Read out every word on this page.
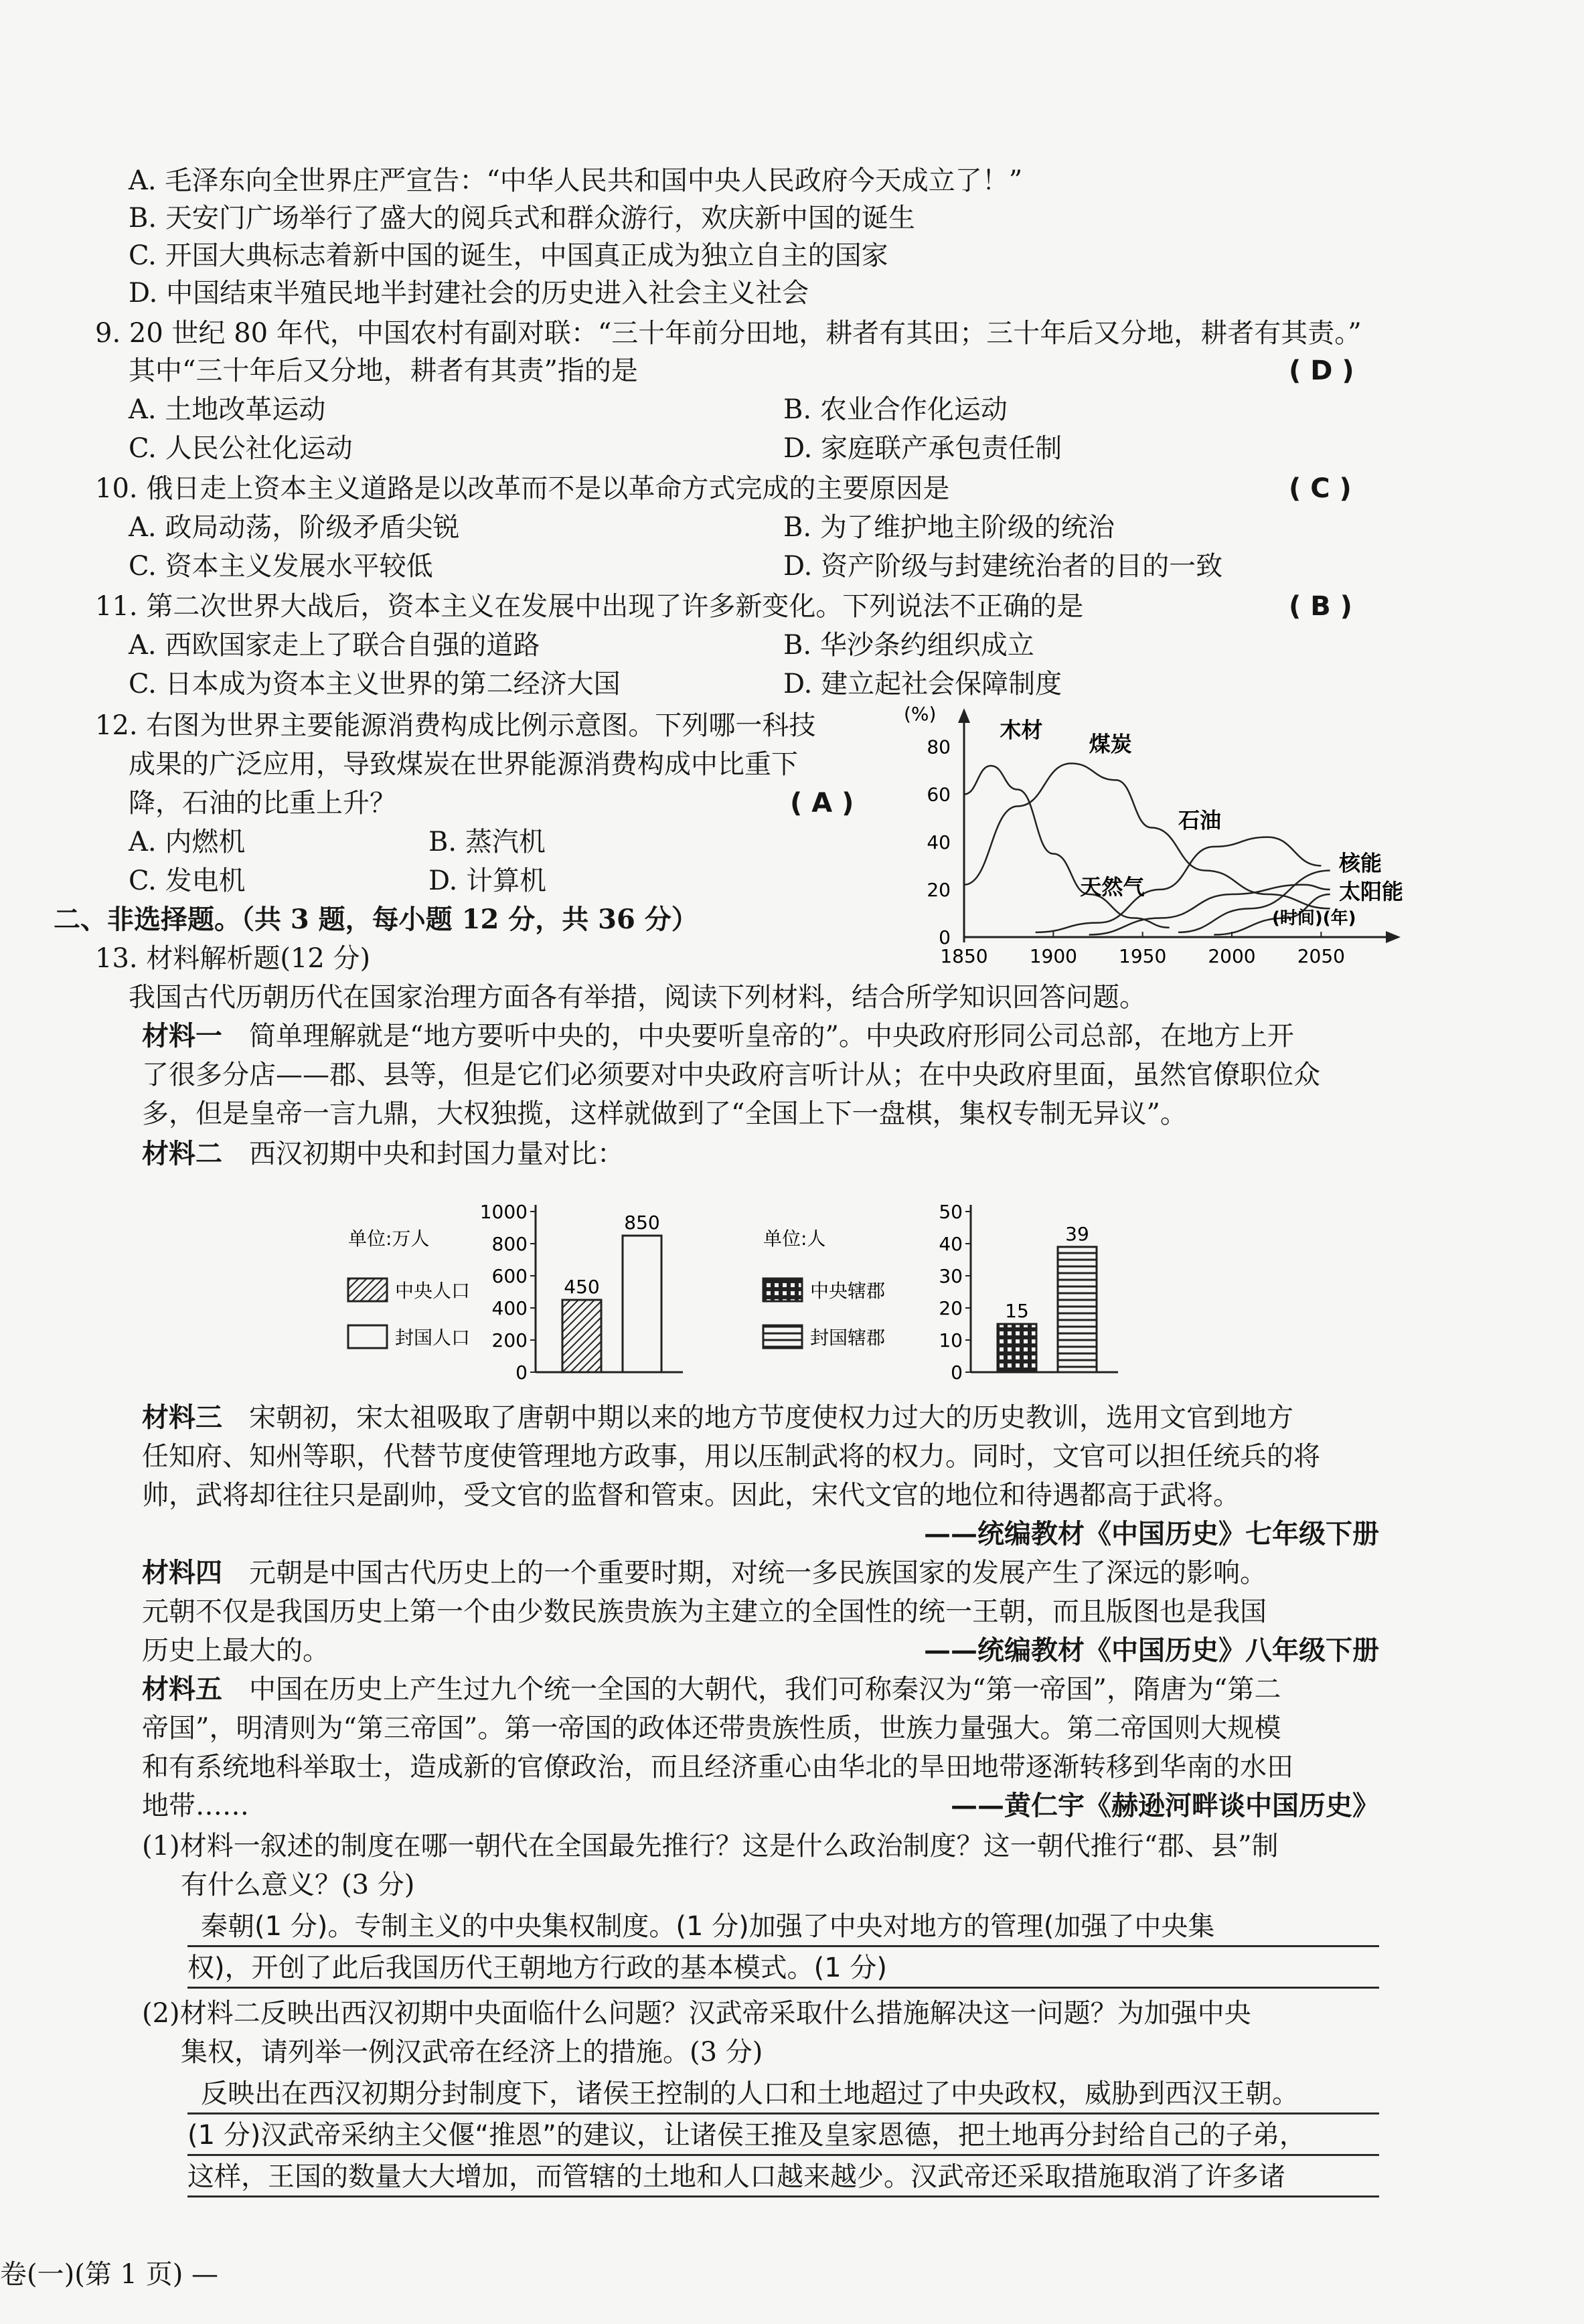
A. 毛泽东向全世界庄严宣告：“中华人民共和国中央人民政府今天成立了！”
B. 天安门广场举行了盛大的阅兵式和群众游行，欢庆新中国的诞生
C. 开国大典标志着新中国的诞生，中国真正成为独立自主的国家
D. 中国结束半殖民地半封建社会的历史进入社会主义社会
9. 20 世纪 80 年代，中国农村有副对联：“三十年前分田地，耕者有其田；三十年后又分地，耕者有其责。”
其中“三十年后又分地，耕者有其责”指的是	( D )
A. 土地改革运动	B. 农业合作化运动
C. 人民公社化运动	D. 家庭联产承包责任制
10. 俄日走上资本主义道路是以改革而不是以革命方式完成的主要原因是	( C )
A. 政局动荡，阶级矛盾尖锐	B. 为了维护地主阶级的统治
C. 资本主义发展水平较低	D. 资产阶级与封建统治者的目的一致
11. 第二次世界大战后，资本主义在发展中出现了许多新变化。下列说法不正确的是	( B )
A. 西欧国家走上了联合自强的道路	B. 华沙条约组织成立
C. 日本成为资本主义世界的第二经济大国	D. 建立起社会保障制度
12. 右图为世界主要能源消费构成比例示意图。下列哪一科技
成果的广泛应用，导致煤炭在世界能源消费构成中比重下
降，石油的比重上升？	( A )
A. 内燃机	B. 蒸汽机
C. 发电机	D. 计算机
(%)
(时间)(年)
0
20
40
60
80
1850 1900 1950 2000 2050
木材
煤炭
石油
天然气
核能
太阳能
二、非选择题。（共 3 题，每小题 12 分，共 36 分）
13. 材料解析题(12 分)
我国古代历朝历代在国家治理方面各有举措，阅读下列材料，结合所学知识回答问题。
材料一  简单理解就是“地方要听中央的，中央要听皇帝的”。中央政府形同公司总部，在地方上开
了很多分店——郡、县等，但是它们必须要对中央政府言听计从；在中央政府里面，虽然官僚职位众
多，但是皇帝一言九鼎，大权独揽，这样就做到了“全国上下一盘棋，集权专制无异议”。
材料二  西汉初期中央和封国力量对比：
单位:万人
0
200
400
600
800
1000
450
850
中央人口
封国人口
单位:人
0
10
20
30
40
50
15
39
中央辖郡
封国辖郡
材料三  宋朝初，宋太祖吸取了唐朝中期以来的地方节度使权力过大的历史教训，选用文官到地方
任知府、知州等职，代替节度使管理地方政事，用以压制武将的权力。同时，文官可以担任统兵的将
帅，武将却往往只是副帅，受文官的监督和管束。因此，宋代文官的地位和待遇都高于武将。
——统编教材《中国历史》七年级下册
材料四  元朝是中国古代历史上的一个重要时期，对统一多民族国家的发展产生了深远的影响。
元朝不仅是我国历史上第一个由少数民族贵族为主建立的全国性的统一王朝，而且版图也是我国
历史上最大的。	——统编教材《中国历史》八年级下册
材料五  中国在历史上产生过九个统一全国的大朝代，我们可称秦汉为“第一帝国”，隋唐为“第二
帝国”，明清则为“第三帝国”。第一帝国的政体还带贵族性质，世族力量强大。第二帝国则大规模
和有系统地科举取士，造成新的官僚政治，而且经济重心由华北的旱田地带逐渐转移到华南的水田
地带……	——黄仁宇《赫逊河畔谈中国历史》
(1)材料一叙述的制度在哪一朝代在全国最先推行？这是什么政治制度？这一朝代推行“郡、县”制
有什么意义？(3 分)
秦朝(1 分)。专制主义的中央集权制度。(1 分)加强了中央对地方的管理(加强了中央集
权)，开创了此后我国历代王朝地方行政的基本模式。(1 分)
(2)材料二反映出西汉初期中央面临什么问题？汉武帝采取什么措施解决这一问题？为加强中央
集权，请列举一例汉武帝在经济上的措施。(3 分)
反映出在西汉初期分封制度下，诸侯王控制的人口和土地超过了中央政权，威胁到西汉王朝。
(1 分)汉武帝采纳主父偃“推恩”的建议，让诸侯王推及皇家恩德，把土地再分封给自己的子弟，
这样，王国的数量大大增加，而管辖的土地和人口越来越少。汉武帝还采取措施取消了许多诸
卷(一)(第 1 页) —
